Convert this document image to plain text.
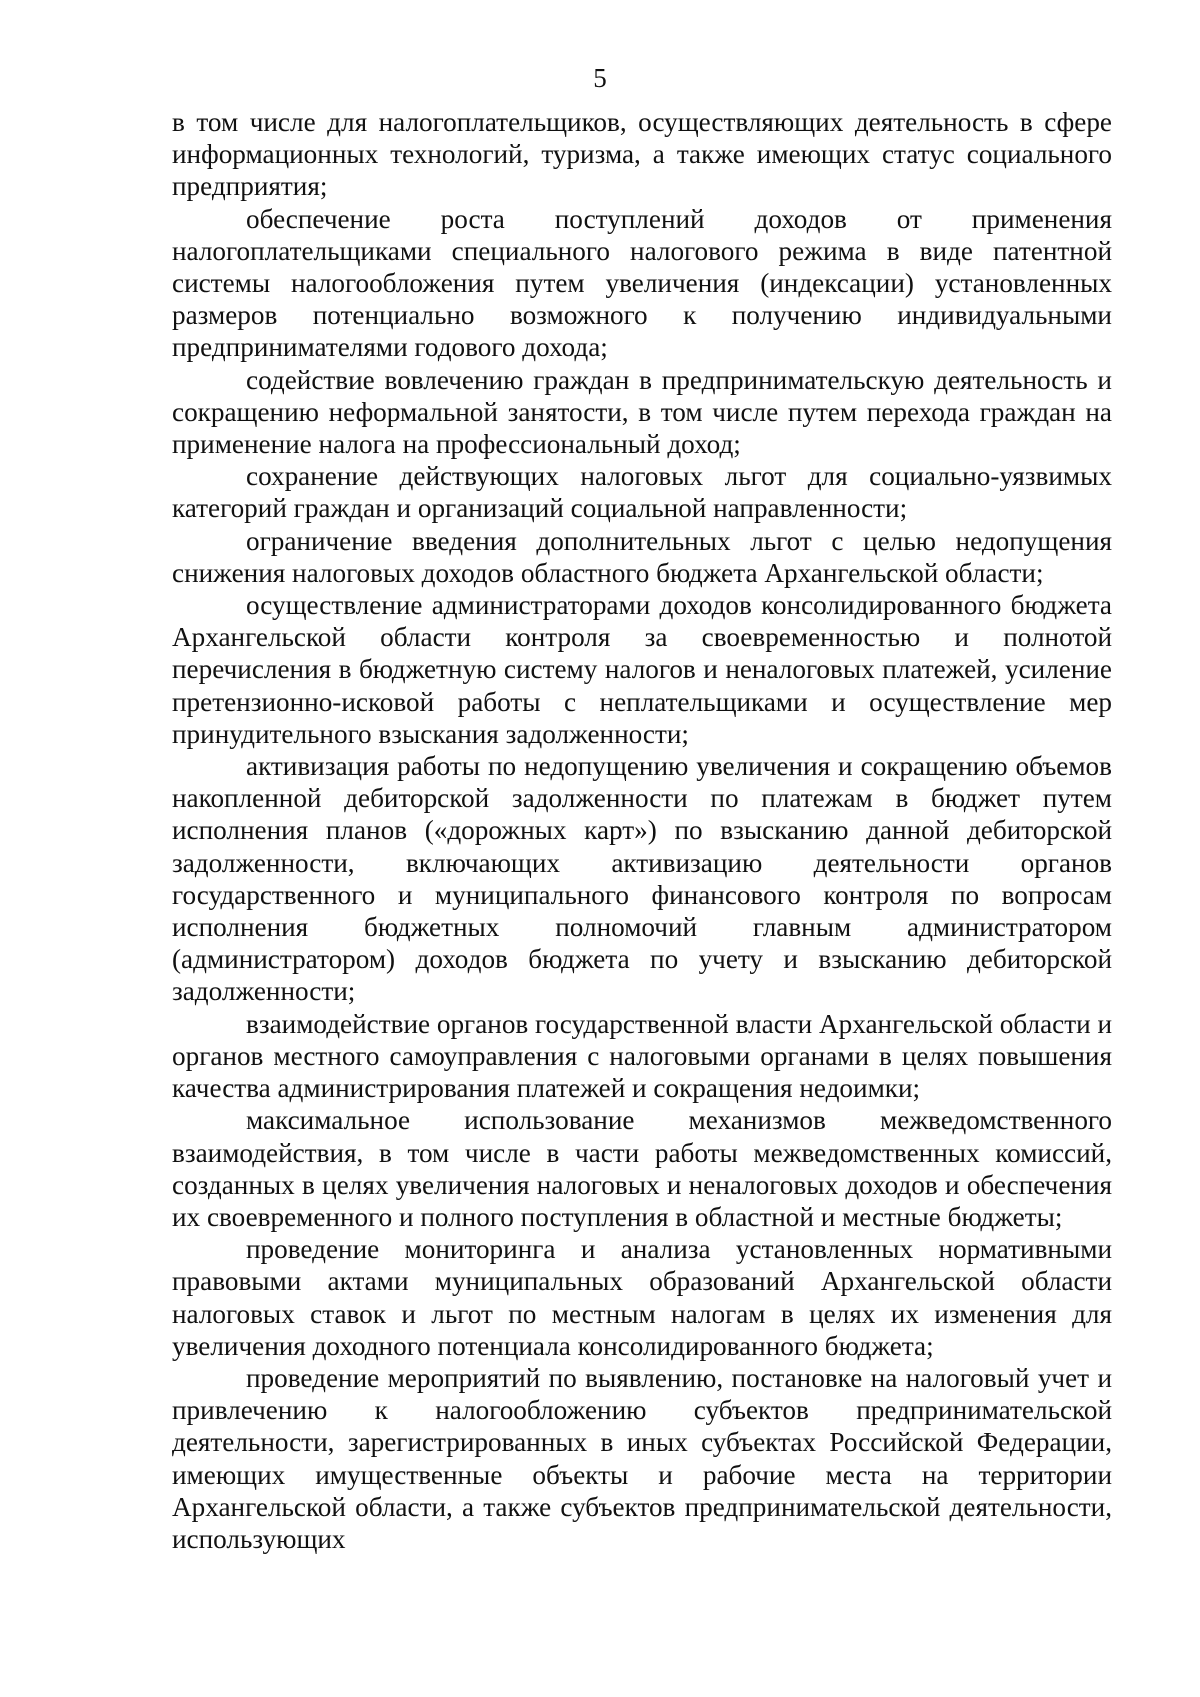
5

в том числе для налогоплательщиков, осуществляющих деятельность в сфере информационных технологий, туризма, а также имеющих статус социального предприятия;

обеспечение роста поступлений доходов от применения налогоплательщиками специального налогового режима в виде патентной системы налогообложения путем увеличения (индексации) установленных размеров потенциально возможного к получению индивидуальными предпринимателями годового дохода;

содействие вовлечению граждан в предпринимательскую деятельность и сокращению неформальной занятости, в том числе путем перехода граждан на применение налога на профессиональный доход;

сохранение действующих налоговых льгот для социально-уязвимых категорий граждан и организаций социальной направленности;

ограничение введения дополнительных льгот с целью недопущения снижения налоговых доходов областного бюджета Архангельской области;

осуществление администраторами доходов консолидированного бюджета Архангельской области контроля за своевременностью и полнотой перечисления в бюджетную систему налогов и неналоговых платежей, усиление претензионно-исковой работы с неплательщиками и осуществление мер принудительного взыскания задолженности;

активизация работы по недопущению увеличения и сокращению объемов накопленной дебиторской задолженности по платежам в бюджет путем исполнения планов («дорожных карт») по взысканию данной дебиторской задолженности, включающих активизацию деятельности органов государственного и муниципального финансового контроля по вопросам исполнения бюджетных полномочий главным администратором (администратором) доходов бюджета по учету и взысканию дебиторской задолженности;

взаимодействие органов государственной власти Архангельской области и органов местного самоуправления с налоговыми органами в целях повышения качества администрирования платежей и сокращения недоимки;

максимальное использование механизмов межведомственного взаимодействия, в том числе в части работы межведомственных комиссий, созданных в целях увеличения налоговых и неналоговых доходов и обеспечения их своевременного и полного поступления в областной и местные бюджеты;

проведение мониторинга и анализа установленных нормативными правовыми актами муниципальных образований Архангельской области налоговых ставок и льгот по местным налогам в целях их изменения для увеличения доходного потенциала консолидированного бюджета;

проведение мероприятий по выявлению, постановке на налоговый учет и привлечению к налогообложению субъектов предпринимательской деятельности, зарегистрированных в иных субъектах Российской Федерации, имеющих имущественные объекты и рабочие места на территории Архангельской области, а также субъектов предпринимательской деятельности, использующих
